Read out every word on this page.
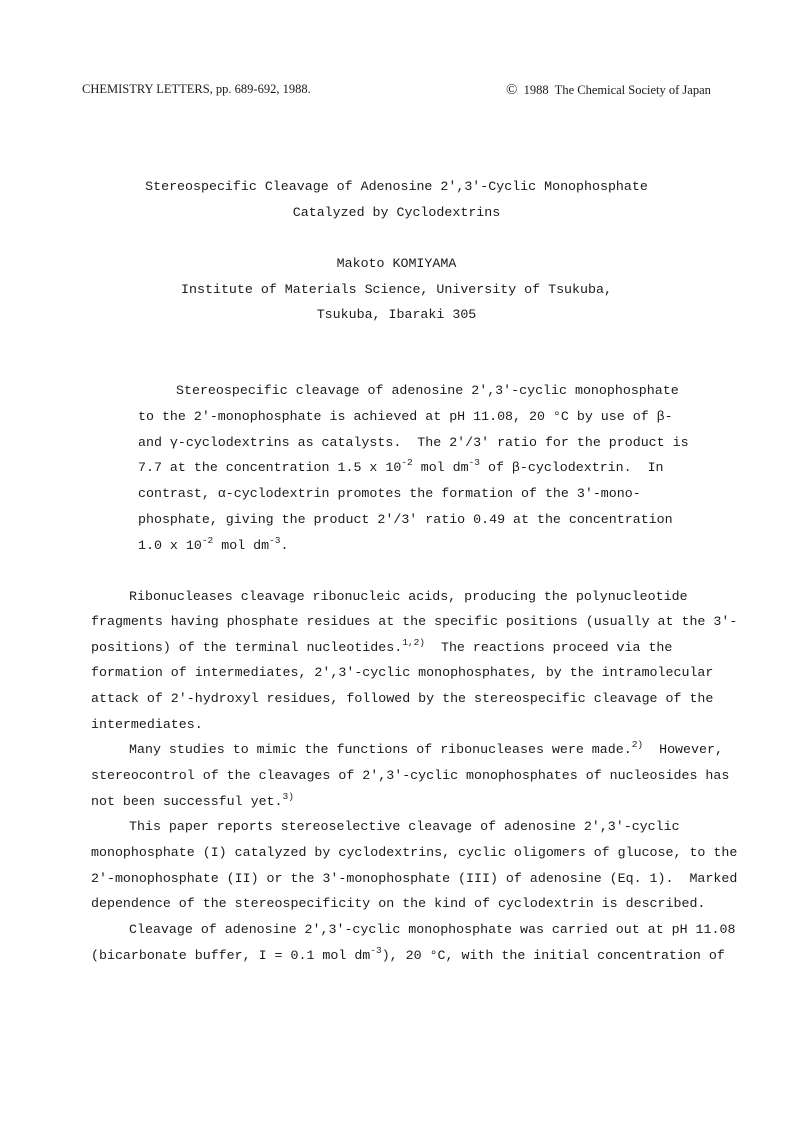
CHEMISTRY LETTERS, pp. 689-692, 1988.	© 1988  The Chemical Society of Japan
Stereospecific Cleavage of Adenosine 2',3'-Cyclic Monophosphate
Catalyzed by Cyclodextrins
Makoto KOMIYAMA
Institute of Materials Science, University of Tsukuba,
Tsukuba, Ibaraki 305
Stereospecific cleavage of adenosine 2',3'-cyclic monophosphate
to the 2'-monophosphate is achieved at pH 11.08, 20 °C by use of β-
and γ-cyclodextrins as catalysts.  The 2'/3' ratio for the product is
7.7 at the concentration 1.5 x $10^{-2}$ mol $dm^{-3}$ of β-cyclodextrin.  In
contrast, α-cyclodextrin promotes the formation of the 3'-mono-
phosphate, giving the product 2'/3' ratio 0.49 at the concentration
1.0 x $10^{-2}$ mol $dm^{-3}$.
Ribonucleases cleavage ribonucleic acids, producing the polynucleotide
fragments having phosphate residues at the specific positions (usually at the 3'-
positions) of the terminal nucleotides.$^{1,2)}$  The reactions proceed via the
formation of intermediates, 2',3'-cyclic monophosphates, by the intramolecular
attack of 2'-hydroxyl residues, followed by the stereospecific cleavage of the
intermediates.
Many studies to mimic the functions of ribonucleases were made.$^{2)}$  However,
stereocontrol of the cleavages of 2',3'-cyclic monophosphates of nucleosides has
not been successful yet.$^{3)}$
This paper reports stereoselective cleavage of adenosine 2',3'-cyclic
monophosphate (I) catalyzed by cyclodextrins, cyclic oligomers of glucose, to the
2'-monophosphate (II) or the 3'-monophosphate (III) of adenosine (Eq. 1).  Marked
dependence of the stereospecificity on the kind of cyclodextrin is described.
Cleavage of adenosine 2',3'-cyclic monophosphate was carried out at pH 11.08
(bicarbonate buffer, I = 0.1 mol $dm^{-3}$), 20 °C, with the initial concentration of
